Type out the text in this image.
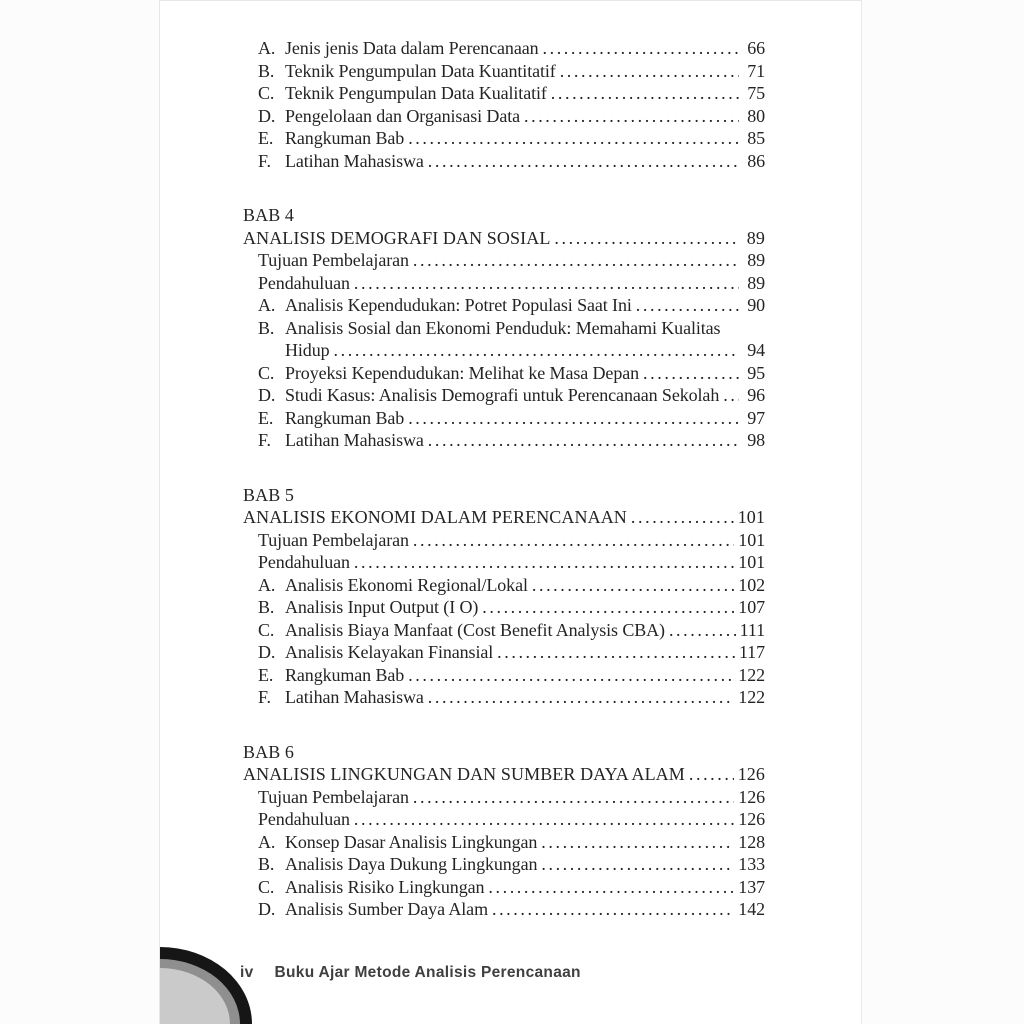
A. Jenis jenis Data dalam Perencanaan .....	66
B. Teknik Pengumpulan Data Kuantitatif .....	71
C. Teknik Pengumpulan Data Kualitatif .....	75
D. Pengelolaan dan Organisasi Data .....	80
E. Rangkuman Bab .....	85
F. Latihan Mahasiswa .....	86
BAB 4
ANALISIS DEMOGRAFI DAN SOSIAL .....	89
Tujuan Pembelajaran .....	89
Pendahuluan .....	89
A. Analisis Kependudukan: Potret Populasi Saat Ini .....	90
B. Analisis Sosial dan Ekonomi Penduduk: Memahami Kualitas
Hidup .....	94
C. Proyeksi Kependudukan: Melihat ke Masa Depan .....	95
D. Studi Kasus: Analisis Demografi untuk Perencanaan Sekolah ..... 96
E. Rangkuman Bab .....	97
F. Latihan Mahasiswa .....	98
BAB 5
ANALISIS EKONOMI DALAM PERENCANAAN .....	101
Tujuan Pembelajaran .....	101
Pendahuluan .....	101
A. Analisis Ekonomi Regional/Lokal .....	102
B. Analisis Input Output (I O) .....	107
C. Analisis Biaya Manfaat (Cost Benefit Analysis CBA) .....	111
D. Analisis Kelayakan Finansial .....	117
E. Rangkuman Bab .....	122
F. Latihan Mahasiswa .....	122
BAB 6
ANALISIS LINGKUNGAN DAN SUMBER DAYA ALAM .....	126
Tujuan Pembelajaran .....	126
Pendahuluan .....	126
A. Konsep Dasar Analisis Lingkungan .....	128
B. Analisis Daya Dukung Lingkungan .....	133
C. Analisis Risiko Lingkungan .....	137
D. Analisis Sumber Daya Alam .....	142
iv Buku Ajar Metode Analisis Perencanaan
